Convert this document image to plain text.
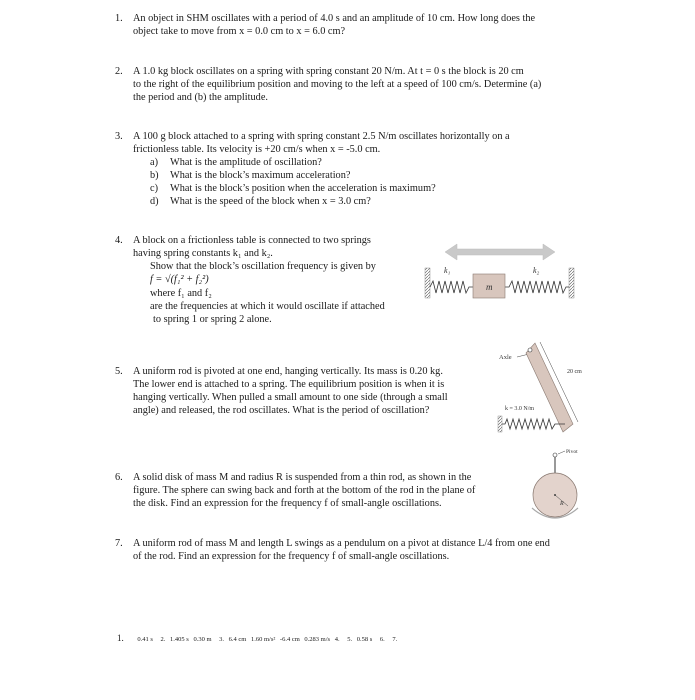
1. An object in SHM oscillates with a period of 4.0 s and an amplitude of 10 cm. How long does the
object take to move from x = 0.0 cm to x = 6.0 cm?
2. A 1.0 kg block oscillates on a spring with spring constant 20 N/m. At t = 0 s the block is 20 cm
to the right of the equilibrium position and moving to the left at a speed of 100 cm/s. Determine (a)
the period and (b) the amplitude.
3. A 100 g block attached to a spring with spring constant 2.5 N/m oscillates horizontally on a
frictionless table. Its velocity is +20 cm/s when x = -5.0 cm.
a) What is the amplitude of oscillation?
b) What is the block’s maximum acceleration?
c) What is the block’s position when the acceleration is maximum?
d) What is the speed of the block when x = 3.0 cm?
4. A block on a frictionless table is connected to two springs
having spring constants k₁ and k₂.
Show that the block’s oscillation frequency is given by
f = √(f₁² + f₂²)
where f₁ and f₂
are the frequencies at which it would oscillate if attached
to spring 1 or spring 2 alone.
m
k₁	k₂
5. A uniform rod is pivoted at one end, hanging vertically. Its mass is 0.20 kg.
The lower end is attached to a spring. The equilibrium position is when it is
hanging vertically. When pulled a small amount to one side (through a small
angle) and released, the rod oscillates. What is the period of oscillation?
Axle
20 cm
k = 3.0 N/m
6. A solid disk of mass M and radius R is suspended from a thin rod, as shown in the
figure. The sphere can swing back and forth at the bottom of the rod in the plane of
the disk. Find an expression for the frequency f of small-angle oscillations.
Pivot
R
7. A uniform rod of mass M and length L swings as a pendulum on a pivot at distance L/4 from one end
of the rod. Find an expression for the frequency f of small-angle oscillations.
1. 0.41 s 2. 1.405 s 0.30 m 3. 6.4 cm 1.60 m/s² -6.4 cm 0.283 m/s 4. 5. 0.58 s 6. 7.
